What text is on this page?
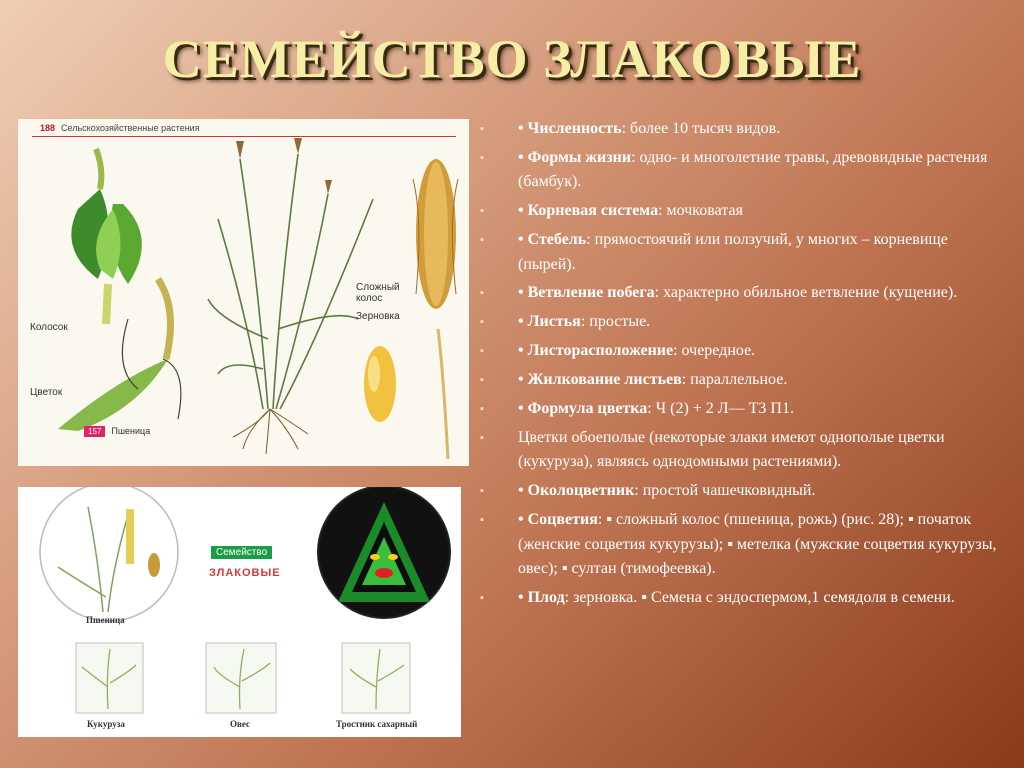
СЕМЕЙСТВО ЗЛАКОВЫЕ
188 Сельскохозяйственные растения
Колосок
Цветок
Сложный колос
Зерновка
157 Пшеница
Семейство
ЗЛАКОВЫЕ
Пшеница
Кукуруза	Овес	Тростник сахарный
▪ • Численность: более 10 тысяч видов.
▪ • Формы жизни: одно- и многолетние травы, древовидные растения (бамбук).
▪ • Корневая система: мочковатая
▪ • Стебель: прямостоячий или ползучий, у многих – корневище (пырей).
▪ • Ветвление побега: характерно обильное ветвление (кущение).
▪ • Листья: простые.
▪ • Листорасположение: очередное.
▪ • Жилкование листьев: параллельное.
▪ • Формула цветка: Ч (2) + 2 Л— Т3 П1.
▪ Цветки обоеполые (некоторые злаки имеют однополые цветки (кукуруза), являясь однодомными растениями).
▪ • Околоцветник: простой чашечковидный.
▪ • Соцветия: ▪ сложный колос (пшеница, рожь) (рис. 28); ▪ початок (женские соцветия кукурузы); ▪ метелка (мужские соцветия кукурузы, овес); ▪ султан (тимофеевка).
▪ • Плод: зерновка. ▪ Семена с эндоспермом,1 семядоля в семени.
